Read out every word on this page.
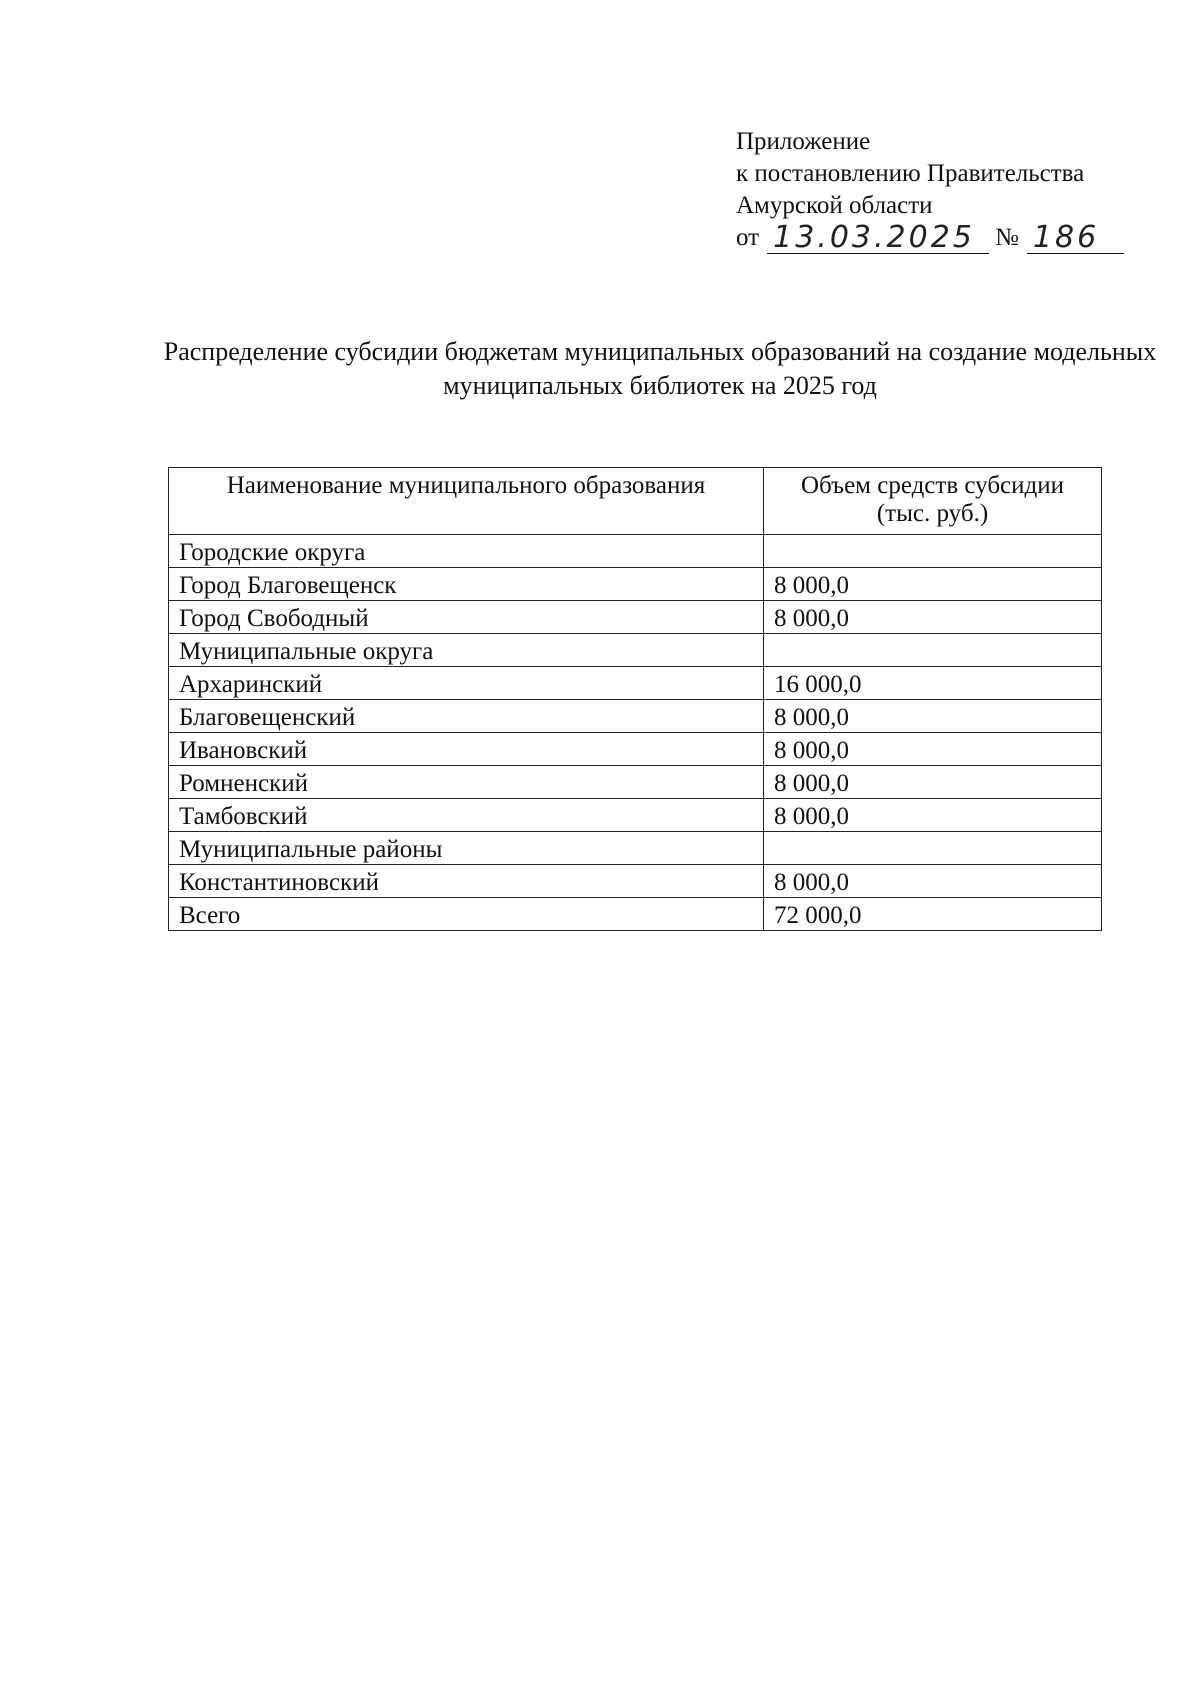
Приложение
к постановлению Правительства
Амурской области
от 13.03.2025 № 186
Распределение субсидии бюджетам муниципальных образований на создание модельных муниципальных библиотек на 2025 год
Наименование муниципального образования	Объем средств субсидии (тыс. руб.)
Городские округа	
Город Благовещенск	8 000,0
Город Свободный	8 000,0
Муниципальные округа	
Архаринский	16 000,0
Благовещенский	8 000,0
Ивановский	8 000,0
Ромненский	8 000,0
Тамбовский	8 000,0
Муниципальные районы	
Константиновский	8 000,0
Всего	72 000,0
